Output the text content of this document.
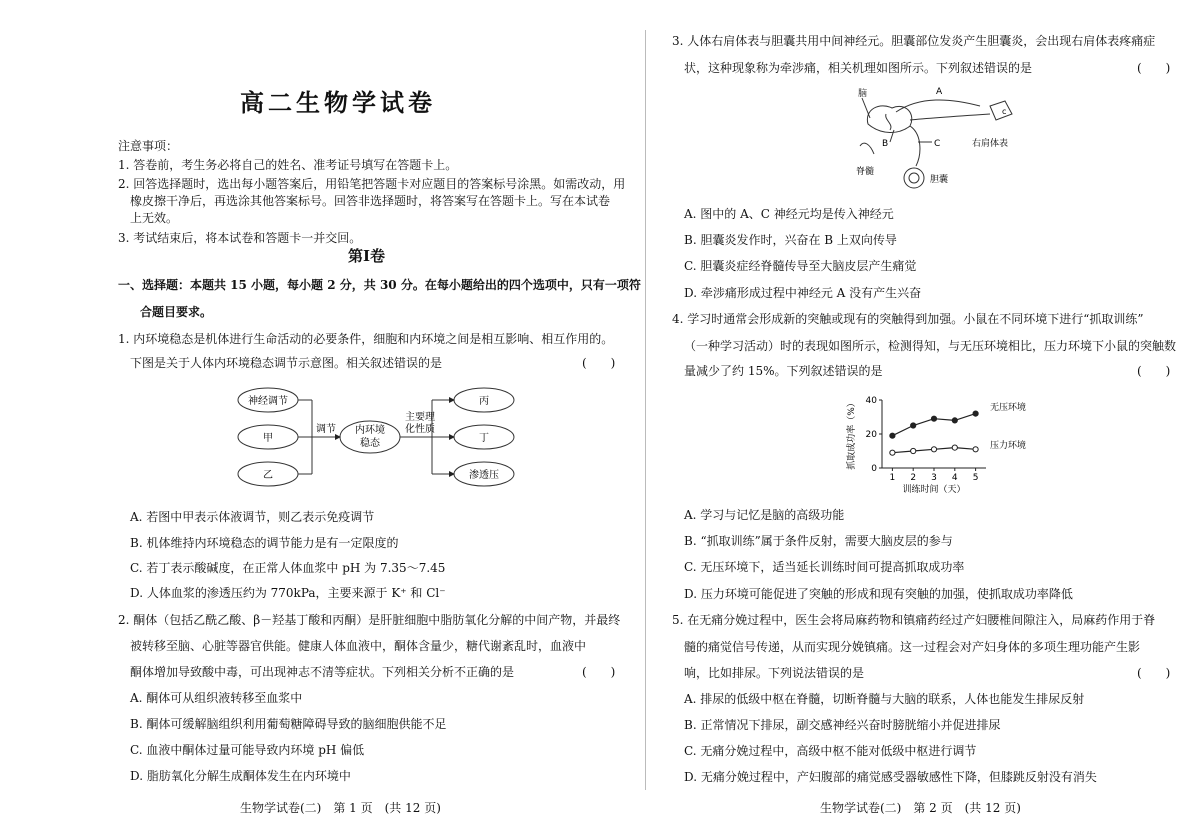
高二生物学试卷
注意事项：
1. 答卷前，考生务必将自己的姓名、准考证号填写在答题卡上。
2. 回答选择题时，选出每小题答案后，用铅笔把答题卡对应题目的答案标号涂黑。如需改动，用
橡皮擦干净后，再选涂其他答案标号。回答非选择题时，将答案写在答题卡上。写在本试卷
上无效。
3. 考试结束后，将本试卷和答题卡一并交回。
第Ⅰ卷
一、选择题：本题共 15 小题，每小题 2 分，共 30 分。在每小题给出的四个选项中，只有一项符
合题目要求。
1. 内环境稳态是机体进行生命活动的必要条件，细胞和内环境之间是相互影响、相互作用的。
下图是关于人体内环境稳态调节示意图。相关叙述错误的是	(　　)
神经调节
甲
乙
调节 内环境
稳态
主要理
化性质
丙
丁
渗透压
A. 若图中甲表示体液调节，则乙表示免疫调节
B. 机体维持内环境稳态的调节能力是有一定限度的
C. 若丁表示酸碱度，在正常人体血浆中 pH 为 7.35～7.45
D. 人体血浆的渗透压约为 770kPa，主要来源于 K⁺ 和 Cl⁻
2. 酮体（包括乙酰乙酸、β－羟基丁酸和丙酮）是肝脏细胞中脂肪氧化分解的中间产物，并最终
被转移至脑、心脏等器官供能。健康人体血液中，酮体含量少，糖代谢紊乱时，血液中
酮体增加导致酸中毒，可出现神志不清等症状。下列相关分析不正确的是	(　　)
A. 酮体可从组织液转移至血浆中
B. 酮体可缓解脑组织利用葡萄糖障碍导致的脑细胞供能不足
C. 血液中酮体过量可能导致内环境 pH 偏低
D. 脂肪氧化分解生成酮体发生在内环境中
生物学试卷(二)　第 1 页　(共 12 页)
3. 人体右肩体表与胆囊共用中间神经元。胆囊部位发炎产生胆囊炎，会出现右肩体表疼痛症
状，这种现象称为牵涉痛，相关机理如图所示。下列叙述错误的是	(　　)
脑	A
c
右肩体表
B	C
脊髓
胆囊
A. 图中的 A、C 神经元均是传入神经元
B. 胆囊炎发作时，兴奋在 B 上双向传导
C. 胆囊炎症经脊髓传导至大脑皮层产生痛觉
D. 牵涉痛形成过程中神经元 A 没有产生兴奋
4. 学习时通常会形成新的突触或现有的突触得到加强。小鼠在不同环境下进行“抓取训练”
（一种学习活动）时的表现如图所示，检测得知，与无压环境相比，压力环境下小鼠的突触数
量减少了约 15%。下列叙述错误的是	(　　)
抓取成功率（%）
训练时间（天）
0
20
40
1 2 3 4 5
无压环境
压力环境
A. 学习与记忆是脑的高级功能
B. “抓取训练”属于条件反射，需要大脑皮层的参与
C. 无压环境下，适当延长训练时间可提高抓取成功率
D. 压力环境可能促进了突触的形成和现有突触的加强，使抓取成功率降低
5. 在无痛分娩过程中，医生会将局麻药物和镇痛药经过产妇腰椎间隙注入，局麻药作用于脊
髓的痛觉信号传递，从而实现分娩镇痛。这一过程会对产妇身体的多项生理功能产生影
响，比如排尿。下列说法错误的是	(　　)
A. 排尿的低级中枢在脊髓，切断脊髓与大脑的联系，人体也能发生排尿反射
B. 正常情况下排尿，副交感神经兴奋时膀胱缩小并促进排尿
C. 无痛分娩过程中，高级中枢不能对低级中枢进行调节
D. 无痛分娩过程中，产妇腹部的痛觉感受器敏感性下降，但膝跳反射没有消失
生物学试卷(二)　第 2 页　(共 12 页)
